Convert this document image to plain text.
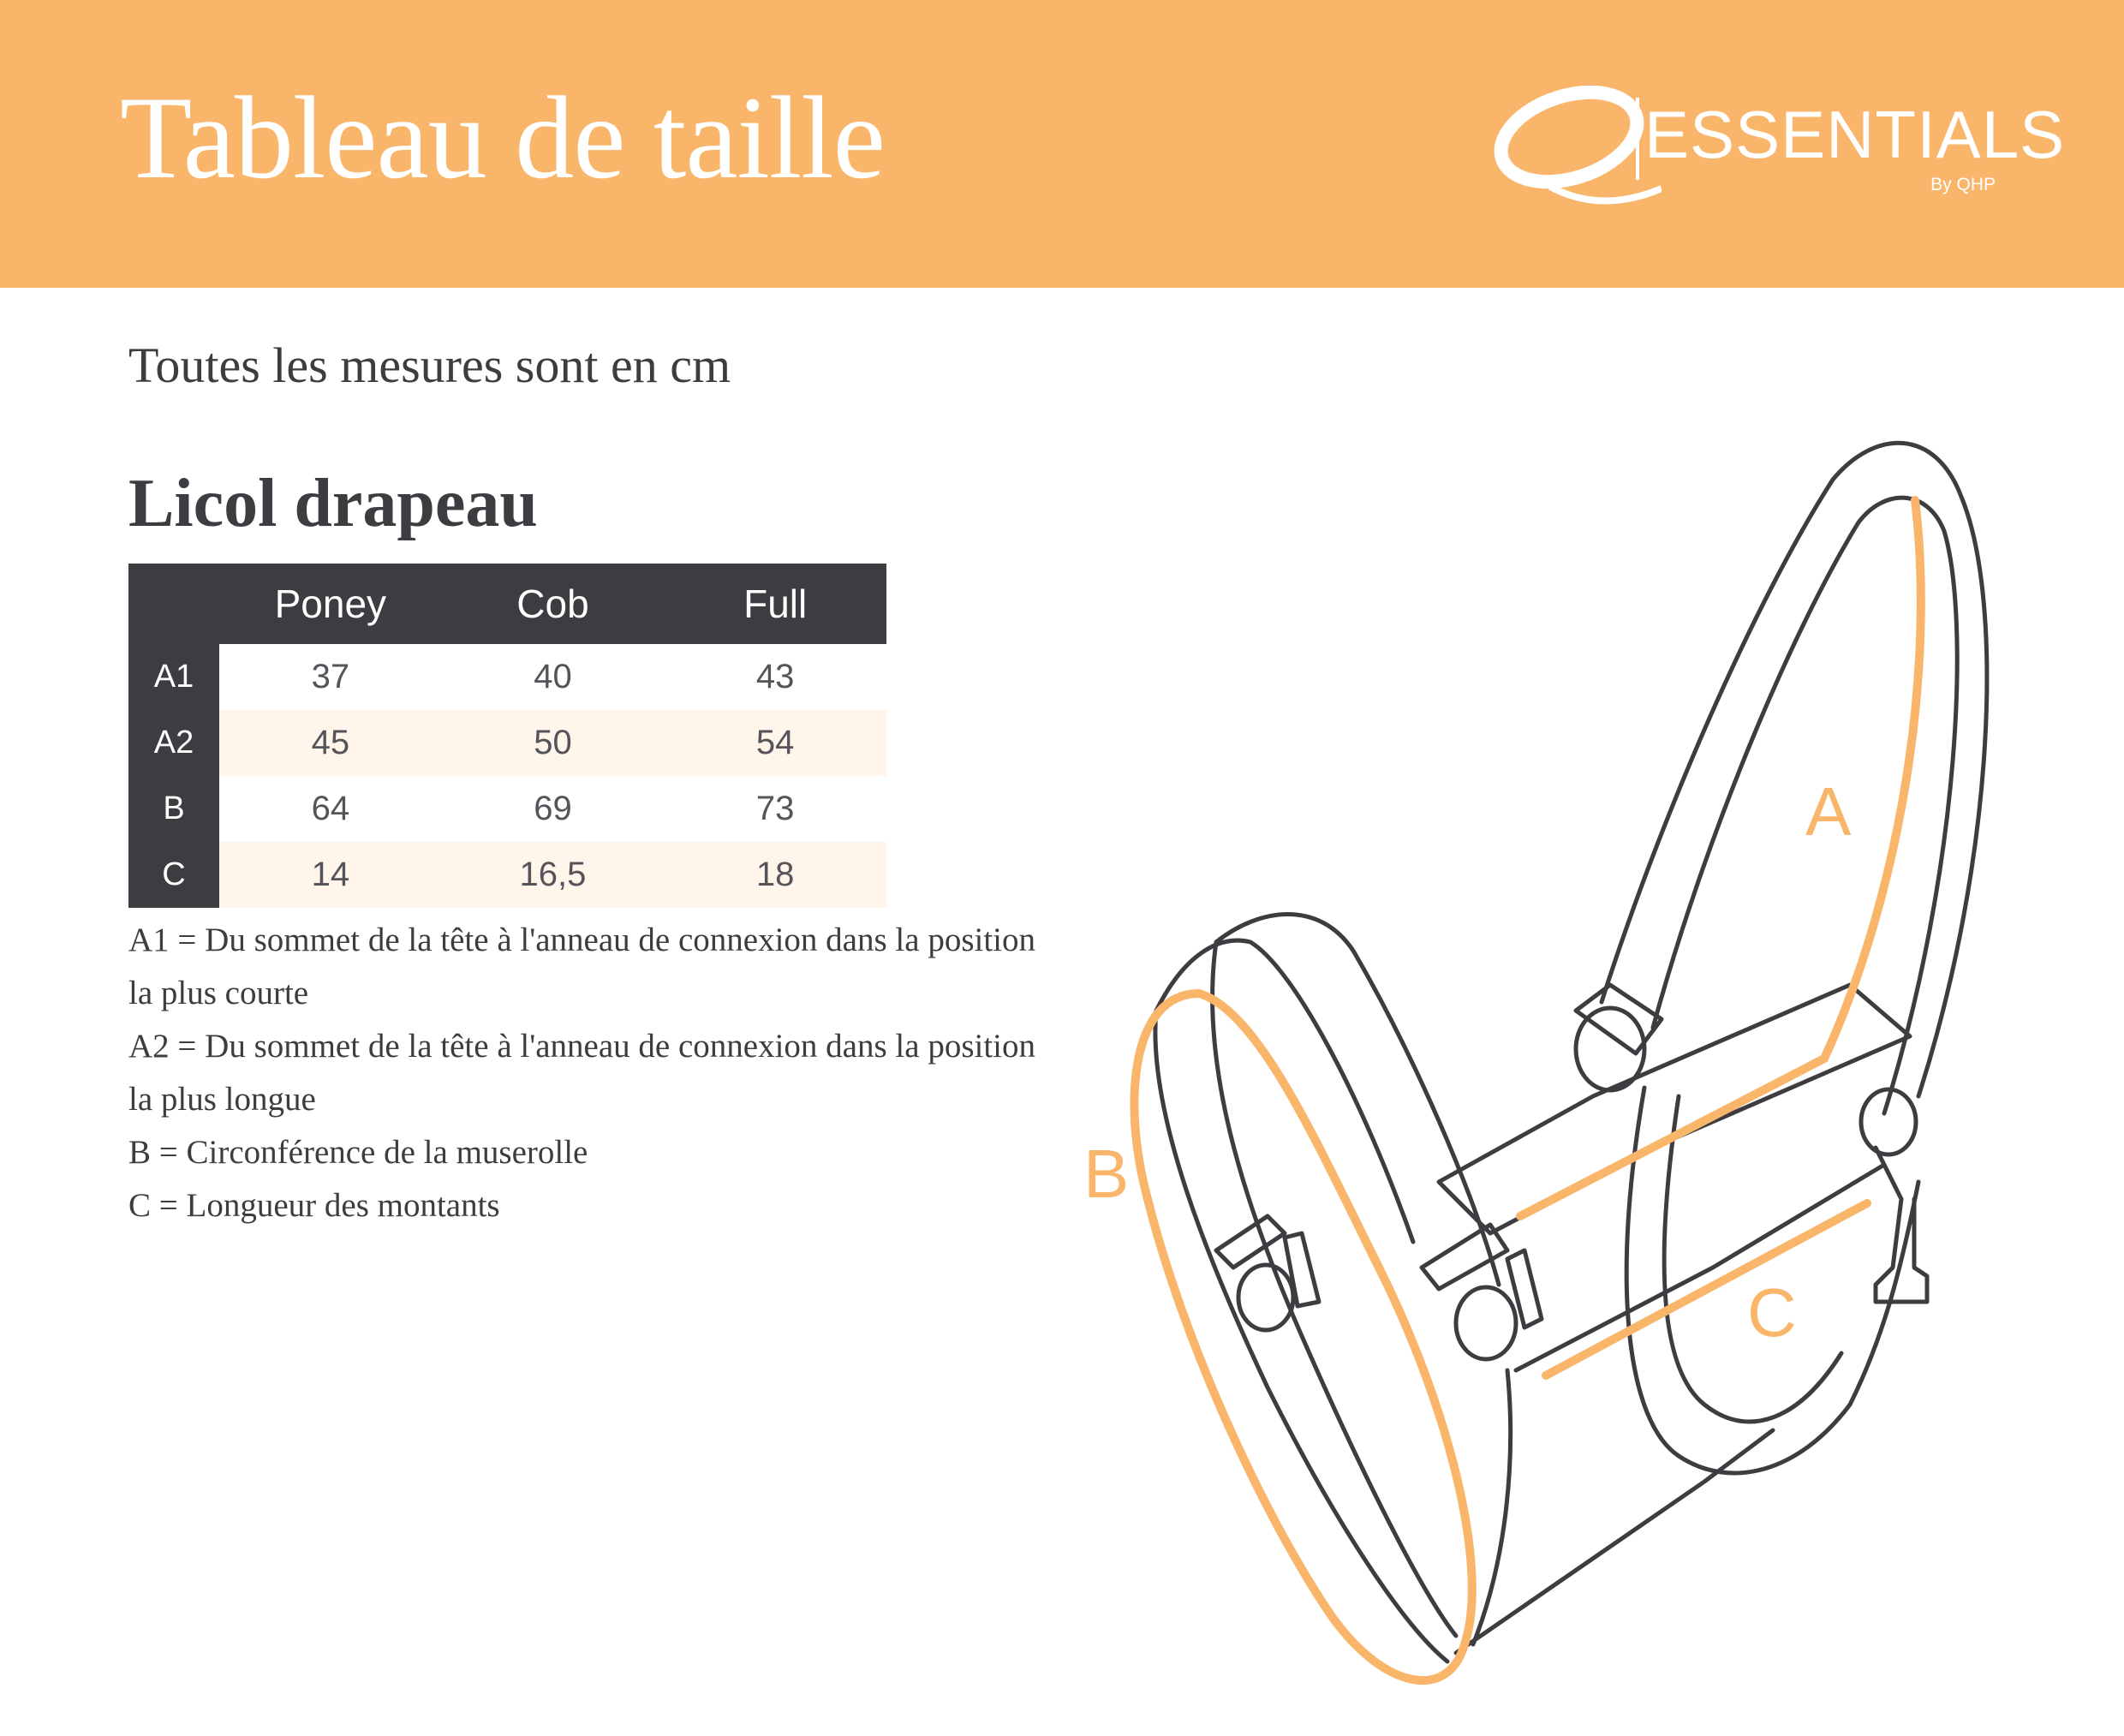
Tableau de taille	ESSENTIALS
By QHP

Toutes les mesures sont en cm

Licol drapeau
	Poney	Cob	Full
A1	37	40	43
A2	45	50	54
B	64	69	73
C	14	16,5	18

A1 = Du sommet de la tête à l'anneau de connexion dans la position la plus courte

A2 = Du sommet de la tête à l'anneau de connexion dans la position la plus longue

B = Circonférence de la muserolle

C = Longueur des montants

A
B
C
